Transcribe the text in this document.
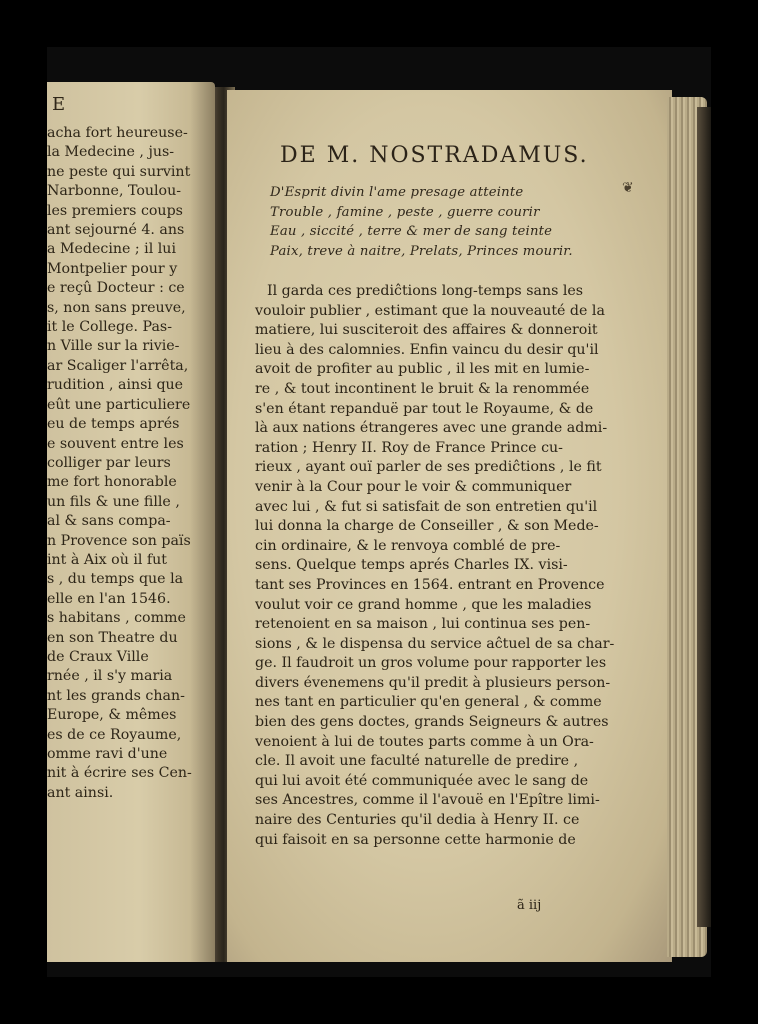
E
acha fort heureuse-
la Medecine , jus-
ne peste qui survint
Narbonne, Toulou-
les premiers coups
ant sejourné 4. ans
a Medecine ; il lui
Montpelier pour y
e reçû Docteur : ce
s, non sans preuve,
it le College. Pas-
n Ville sur la rivie-
ar Scaliger l'arrêta,
rudition , ainsi que
eût une particuliere
eu de temps aprés
e souvent entre les
colliger par leurs
me fort honorable
un fils & une fille ,
al & sans compa-
n Provence son païs
int à Aix où il fut
s , du temps que la
elle en l'an 1546.
s habitans , comme
en son Theatre du
de Craux Ville
rnée , il s'y maria
nt les grands chan-
Europe, & mêmes
es de ce Royaume,
omme ravi d'une
nit à écrire ses Cen-
ant ainsi.
DE M. NOSTRADAMUS.
❦
D'Esprit divin l'ame presage atteinte
Trouble , famine , peste , guerre courir
Eau , siccité , terre & mer de sang teinte
Paix, treve à naitre, Prelats, Princes mourir.
Il garda ces prediĉtions long-temps sans les
vouloir publier , estimant que la nouveauté de la
matiere, lui susciteroit des affaires & donneroit
lieu à des calomnies. Enfin vaincu du desir qu'il
avoit de profiter au public , il les mit en lumie-
re , & tout incontinent le bruit & la renommée
s'en étant repanduë par tout le Royaume, & de
là aux nations étrangeres avec une grande admi-
ration ; Henry II. Roy de France Prince cu-
rieux , ayant ouï parler de ses prediĉtions , le fit
venir à la Cour pour le voir & communiquer
avec lui , & fut si satisfait de son entretien qu'il
lui donna la charge de Conseiller , & son Mede-
cin ordinaire, & le renvoya comblé de pre-
sens. Quelque temps aprés Charles IX. visi-
tant ses Provinces en 1564. entrant en Provence
voulut voir ce grand homme , que les maladies
retenoient en sa maison , lui continua ses pen-
sions , & le dispensa du service aĉtuel de sa char-
ge. Il faudroit un gros volume pour rapporter les
divers évenemens qu'il predit à plusieurs person-
nes tant en particulier qu'en general , & comme
bien des gens doctes, grands Seigneurs & autres
venoient à lui de toutes parts comme à un Ora-
cle. Il avoit une faculté naturelle de predire ,
qui lui avoit été communiquée avec le sang de
ses Ancestres, comme il l'avouë en l'Epître limi-
naire des Centuries qu'il dedia à Henry II. ce
qui faisoit en sa personne cette harmonie de
ã iij
